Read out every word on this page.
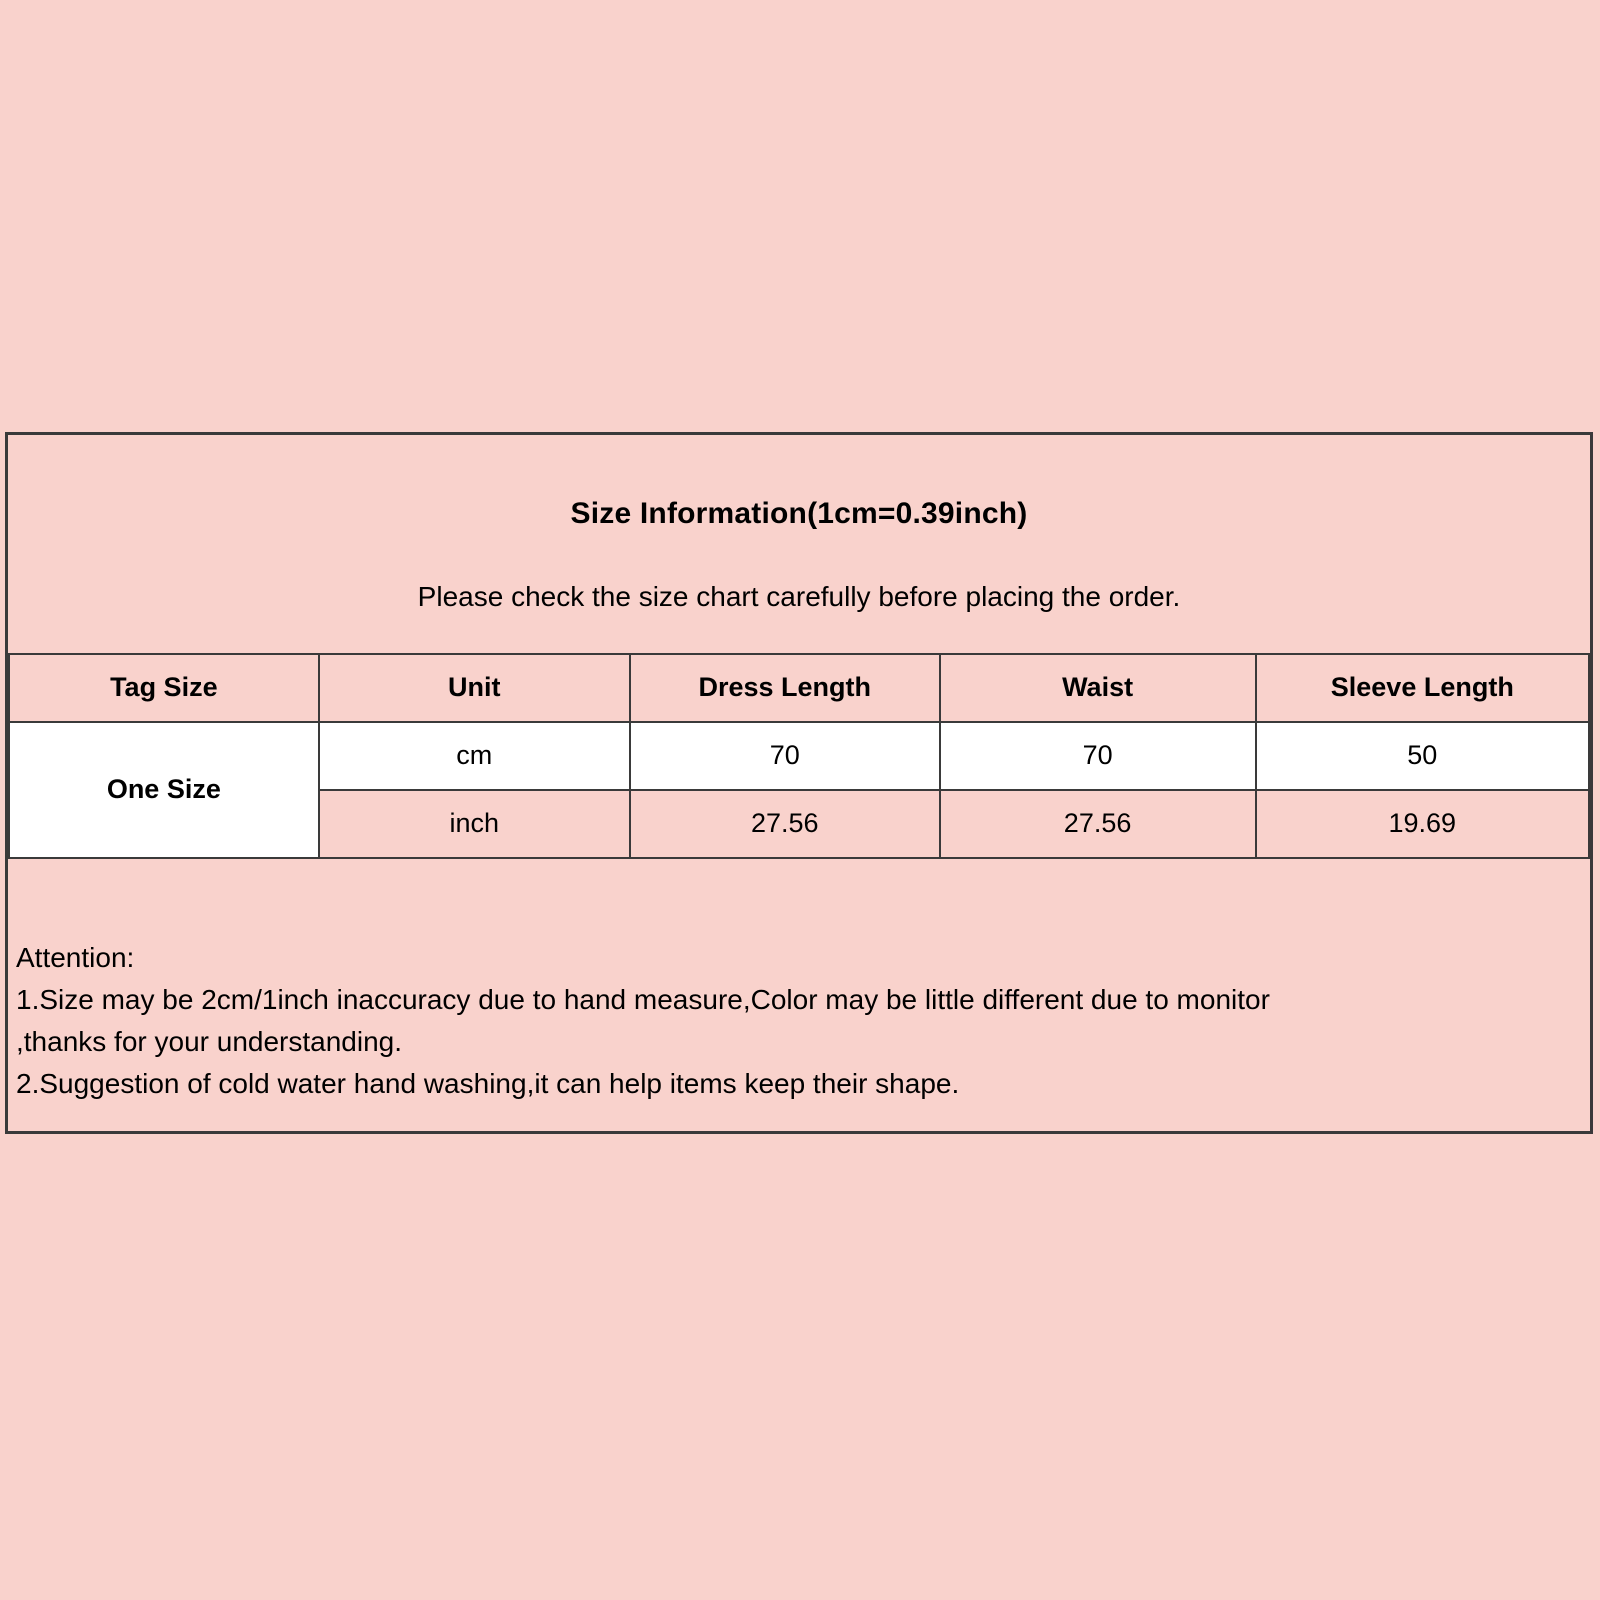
Size Information(1cm=0.39inch)
Please check the size chart carefully before placing the order.
Tag Size	Unit	Dress Length	Waist	Sleeve Length
One Size	cm	70	70	50
	inch	27.56	27.56	19.69
Attention:
1.Size may be 2cm/1inch inaccuracy due to hand measure,Color may be little different due to monitor
,thanks for your understanding.
2.Suggestion of cold water hand washing,it can help items keep their shape.
